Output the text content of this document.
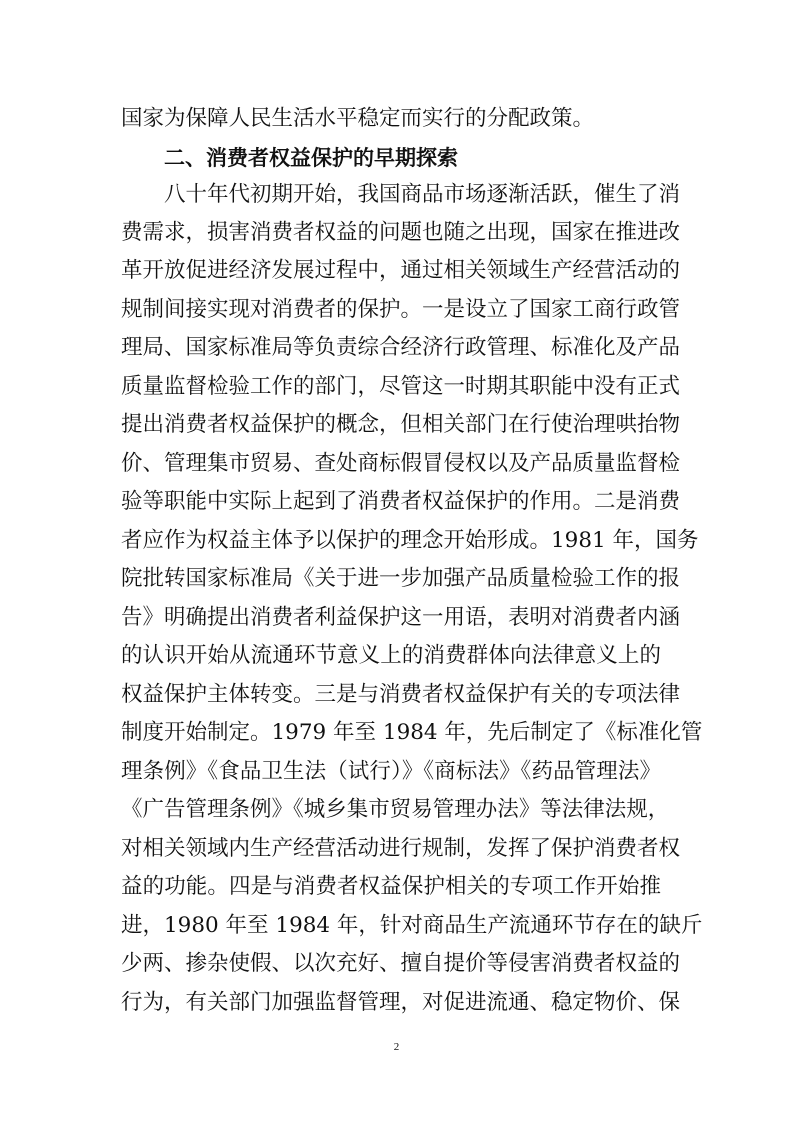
国家为保障人民生活水平稳定而实行的分配政策。
二、消费者权益保护的早期探索
八十年代初期开始，我国商品市场逐渐活跃，催生了消
费需求，损害消费者权益的问题也随之出现，国家在推进改
革开放促进经济发展过程中，通过相关领域生产经营活动的
规制间接实现对消费者的保护。一是设立了国家工商行政管
理局、国家标准局等负责综合经济行政管理、标准化及产品
质量监督检验工作的部门，尽管这一时期其职能中没有正式
提出消费者权益保护的概念，但相关部门在行使治理哄抬物
价、管理集市贸易、查处商标假冒侵权以及产品质量监督检
验等职能中实际上起到了消费者权益保护的作用。二是消费
者应作为权益主体予以保护的理念开始形成。1981 年，国务
院批转国家标准局《关于进一步加强产品质量检验工作的报
告》明确提出消费者利益保护这一用语，表明对消费者内涵
的认识开始从流通环节意义上的消费群体向法律意义上的
权益保护主体转变。三是与消费者权益保护有关的专项法律
制度开始制定。1979 年至 1984 年，先后制定了《标准化管
理条例》《食品卫生法（试行）》《商标法》《药品管理法》
《广告管理条例》《城乡集市贸易管理办法》等法律法规，
对相关领域内生产经营活动进行规制，发挥了保护消费者权
益的功能。四是与消费者权益保护相关的专项工作开始推
进，1980 年至 1984 年，针对商品生产流通环节存在的缺斤
少两、掺杂使假、以次充好、擅自提价等侵害消费者权益的
行为，有关部门加强监督管理，对促进流通、稳定物价、保
2
